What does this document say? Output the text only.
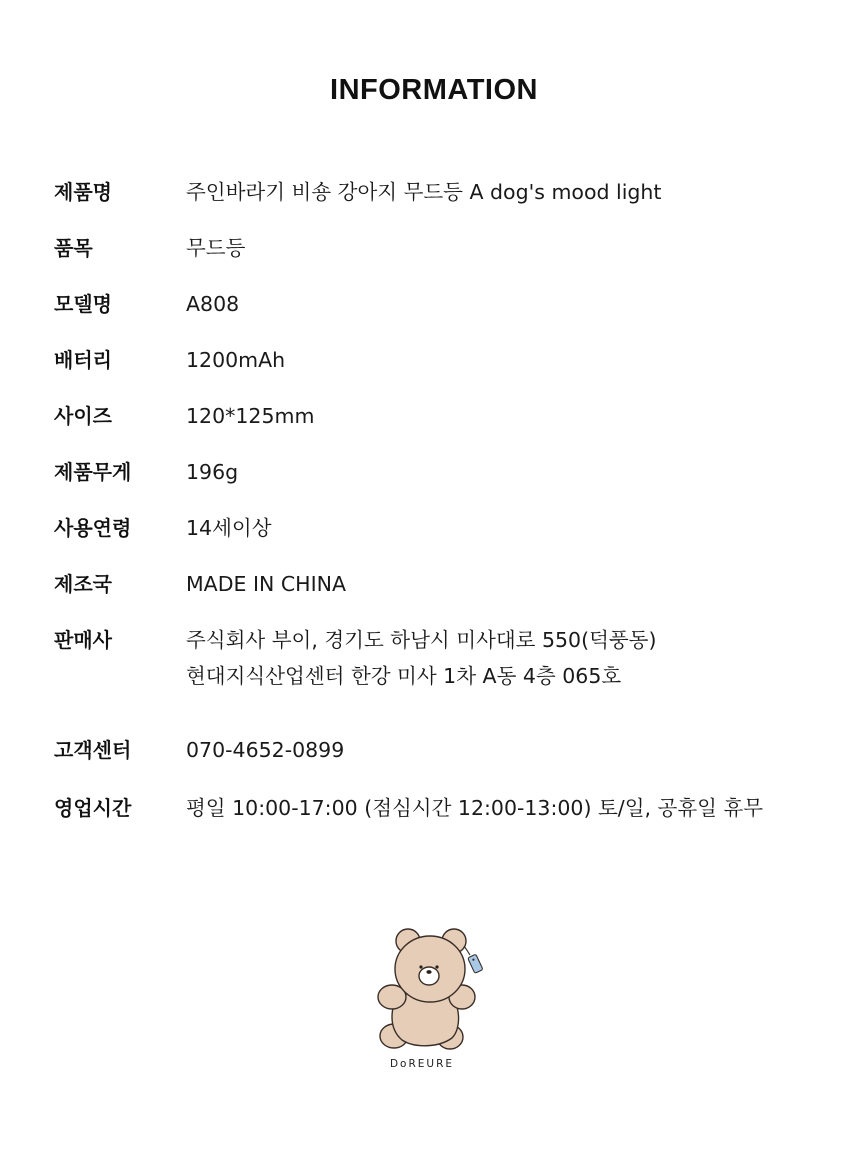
INFORMATION
제품명	주인바라기 비숑 강아지 무드등 A dog's mood light
품목	무드등
모델명	A808
배터리	1200mAh
사이즈	120*125mm
제품무게	196g
사용연령	14세이상
제조국	MADE IN CHINA
판매사	주식회사 부이, 경기도 하남시 미사대로 550(덕풍동)
현대지식산업센터 한강 미사 1차 A동 4층 065호
고객센터	070-4652-0899
영업시간	평일 10:00-17:00 (점심시간 12:00-13:00) 토/일, 공휴일 휴무
DoREURE
